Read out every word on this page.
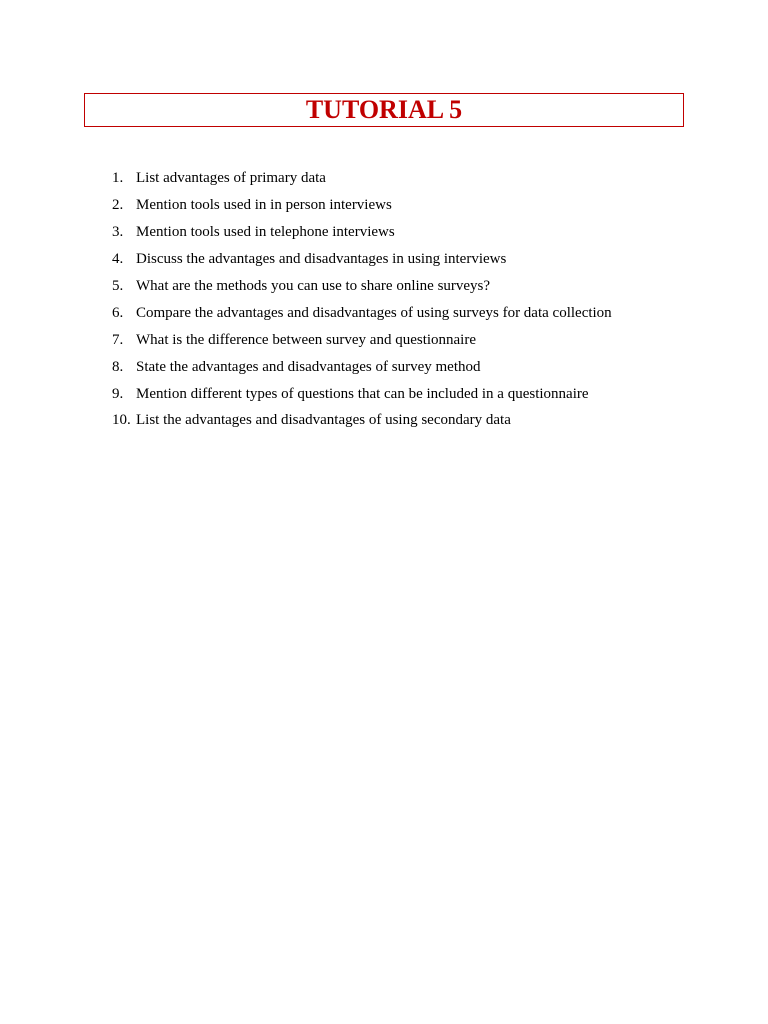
TUTORIAL 5
1. List advantages of primary data
2. Mention tools used in in person interviews
3. Mention tools used in telephone interviews
4. Discuss the advantages and disadvantages in using interviews
5. What are the methods you can use to share online surveys?
6. Compare the advantages and disadvantages of using surveys for data collection
7. What is the difference between survey and questionnaire
8. State the advantages and disadvantages of survey method
9. Mention different types of questions that can be included in a questionnaire
10. List the advantages and disadvantages of using secondary data
